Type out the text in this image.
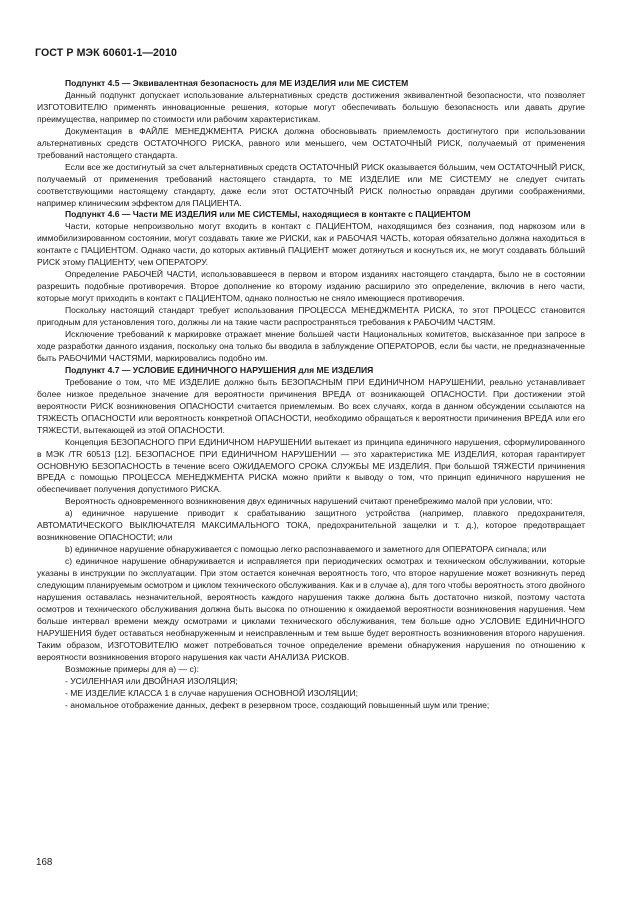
ГОСТ Р МЭК 60601-1—2010

Подпункт 4.5 — Эквивалентная безопасность для МЕ ИЗДЕЛИЯ или МЕ СИСТЕМ

Данный подпункт допускает использование альтернативных средств достижения эквивалентной безопасности, что позволяет ИЗГОТОВИТЕЛЮ применять инновационные решения, которые могут обеспечивать большую безопасность или давать другие преимущества, например по стоимости или рабочим характеристикам.

Документация в ФАЙЛЕ МЕНЕДЖМЕНТА РИСКА должна обосновывать приемлемость достигнутого при использовании альтернативных средств ОСТАТОЧНОГО РИСКА, равного или меньшего, чем ОСТАТОЧНЫЙ РИСК, получаемый от применения требований настоящего стандарта.

Если все же достигнутый за счет альтернативных средств ОСТАТОЧНЫЙ РИСК оказывается бóльшим, чем ОСТАТОЧНЫЙ РИСК, получаемый от применения требований настоящего стандарта, то МЕ ИЗДЕЛИЕ или МЕ СИСТЕМУ не следует считать соответствующими настоящему стандарту, даже если этот ОСТАТОЧНЫЙ РИСК полностью оправдан другими соображениями, например клиническим эффектом для ПАЦИЕНТА.

Подпункт 4.6 — Части МЕ ИЗДЕЛИЯ или МЕ СИСТЕМЫ, находящиеся в контакте с ПАЦИЕНТОМ

Части, которые непроизвольно могут входить в контакт с ПАЦИЕНТОМ, находящимся без сознания, под наркозом или в иммобилизированном состоянии, могут создавать такие же РИСКИ, как и РАБОЧАЯ ЧАСТЬ, которая обязательно должна находиться в контакте с ПАЦИЕНТОМ. Однако части, до которых активный ПАЦИЕНТ может дотянуться и коснуться их, не могут создавать бóльший РИСК этому ПАЦИЕНТУ, чем ОПЕРАТОРУ.

Определение РАБОЧЕЙ ЧАСТИ, использовавшееся в первом и втором изданиях настоящего стандарта, было не в состоянии разрешить подобные противоречия. Второе дополнение ко второму изданию расширило это определение, включив в него части, которые могут приходить в контакт с ПАЦИЕНТОМ, однако полностью не сняло имеющиеся противоречия.

Поскольку настоящий стандарт требует использования ПРОЦЕССА МЕНЕДЖМЕНТА РИСКА, то этот ПРОЦЕСС становится пригодным для установления того, должны ли на такие части распространяться требования к РАБОЧИМ ЧАСТЯМ.

Исключение требований к маркировке отражает мнение большей части Национальных комитетов, высказанное при запросе в ходе разработки данного издания, поскольку она только бы вводила в заблуждение ОПЕРАТОРОВ, если бы части, не предназначенные быть РАБОЧИМИ ЧАСТЯМИ, маркировались подобно им.

Подпункт 4.7 — УСЛОВИЕ ЕДИНИЧНОГО НАРУШЕНИЯ для МЕ ИЗДЕЛИЯ

Требование о том, что МЕ ИЗДЕЛИЕ должно быть БЕЗОПАСНЫМ ПРИ ЕДИНИЧНОМ НАРУШЕНИИ, реально устанавливает более низкое предельное значение для вероятности причинения ВРЕДА от возникающей ОПАСНОСТИ. При достижении этой вероятности РИСК возникновения ОПАСНОСТИ считается приемлемым. Во всех случаях, когда в данном обсуждении ссылаются на ТЯЖЕСТЬ ОПАСНОСТИ или вероятность конкретной ОПАСНОСТИ, необходимо обращаться к вероятности причинения ВРЕДА или его ТЯЖЕСТИ, вытекающей из этой ОПАСНОСТИ.

Концепция БЕЗОПАСНОГО ПРИ ЕДИНИЧНОМ НАРУШЕНИИ вытекает из принципа единичного нарушения, сформулированного в МЭК /TR 60513 [12]. БЕЗОПАСНОЕ ПРИ ЕДИНИЧНОМ НАРУШЕНИИ — это характеристика МЕ ИЗДЕЛИЯ, которая гарантирует ОСНОВНУЮ БЕЗОПАСНОСТЬ в течение всего ОЖИДАЕМОГО СРОКА СЛУЖБЫ МЕ ИЗДЕЛИЯ. При большой ТЯЖЕСТИ причинения ВРЕДА с помощью ПРОЦЕССА МЕНЕДЖМЕНТА РИСКА можно прийти к выводу о том, что принцип единичного нарушения не обеспечивает получения допустимого РИСКА.

Вероятность одновременного возникновения двух единичных нарушений считают пренебрежимо малой при условии, что:

a) единичное нарушение приводит к срабатыванию защитного устройства (например, плавкого предохранителя, АВТОМАТИЧЕСКОГО ВЫКЛЮЧАТЕЛЯ МАКСИМАЛЬНОГО ТОКА, предохранительной защелки и т. д.), которое предотвращает возникновение ОПАСНОСТИ; или

b) единичное нарушение обнаруживается с помощью легко распознаваемого и заметного для ОПЕРАТОРА сигнала; или

c) единичное нарушение обнаруживается и исправляется при периодических осмотрах и техническом обслуживании, которые указаны в инструкции по эксплуатации. При этом остается конечная вероятность того, что второе нарушение может возникнуть перед следующим планируемым осмотром и циклом технического обслуживания. Как и в случае a), для того чтобы вероятность этого двойного нарушения оставалась незначительной, вероятность каждого нарушения также должна быть достаточно низкой, поэтому частота осмотров и технического обслуживания должна быть высока по отношению к ожидаемой вероятности возникновения нарушения. Чем больше интервал времени между осмотрами и циклами технического обслуживания, тем больше одно УСЛОВИЕ ЕДИНИЧНОГО НАРУШЕНИЯ будет оставаться необнаруженным и неисправленным и тем выше будет вероятность возникновения второго нарушения. Таким образом, ИЗГОТОВИТЕЛЮ может потребоваться точное определение времени обнаружения нарушения по отношению к вероятности возникновения второго нарушения как части АНАЛИЗА РИСКОВ.

Возможные примеры для a) — c):

- УСИЛЕННАЯ или ДВОЙНАЯ ИЗОЛЯЦИЯ;

- МЕ ИЗДЕЛИЕ КЛАССА 1 в случае нарушения ОСНОВНОЙ ИЗОЛЯЦИИ;

- аномальное отображение данных, дефект в резервном тросе, создающий повышенный шум или трение;

168
